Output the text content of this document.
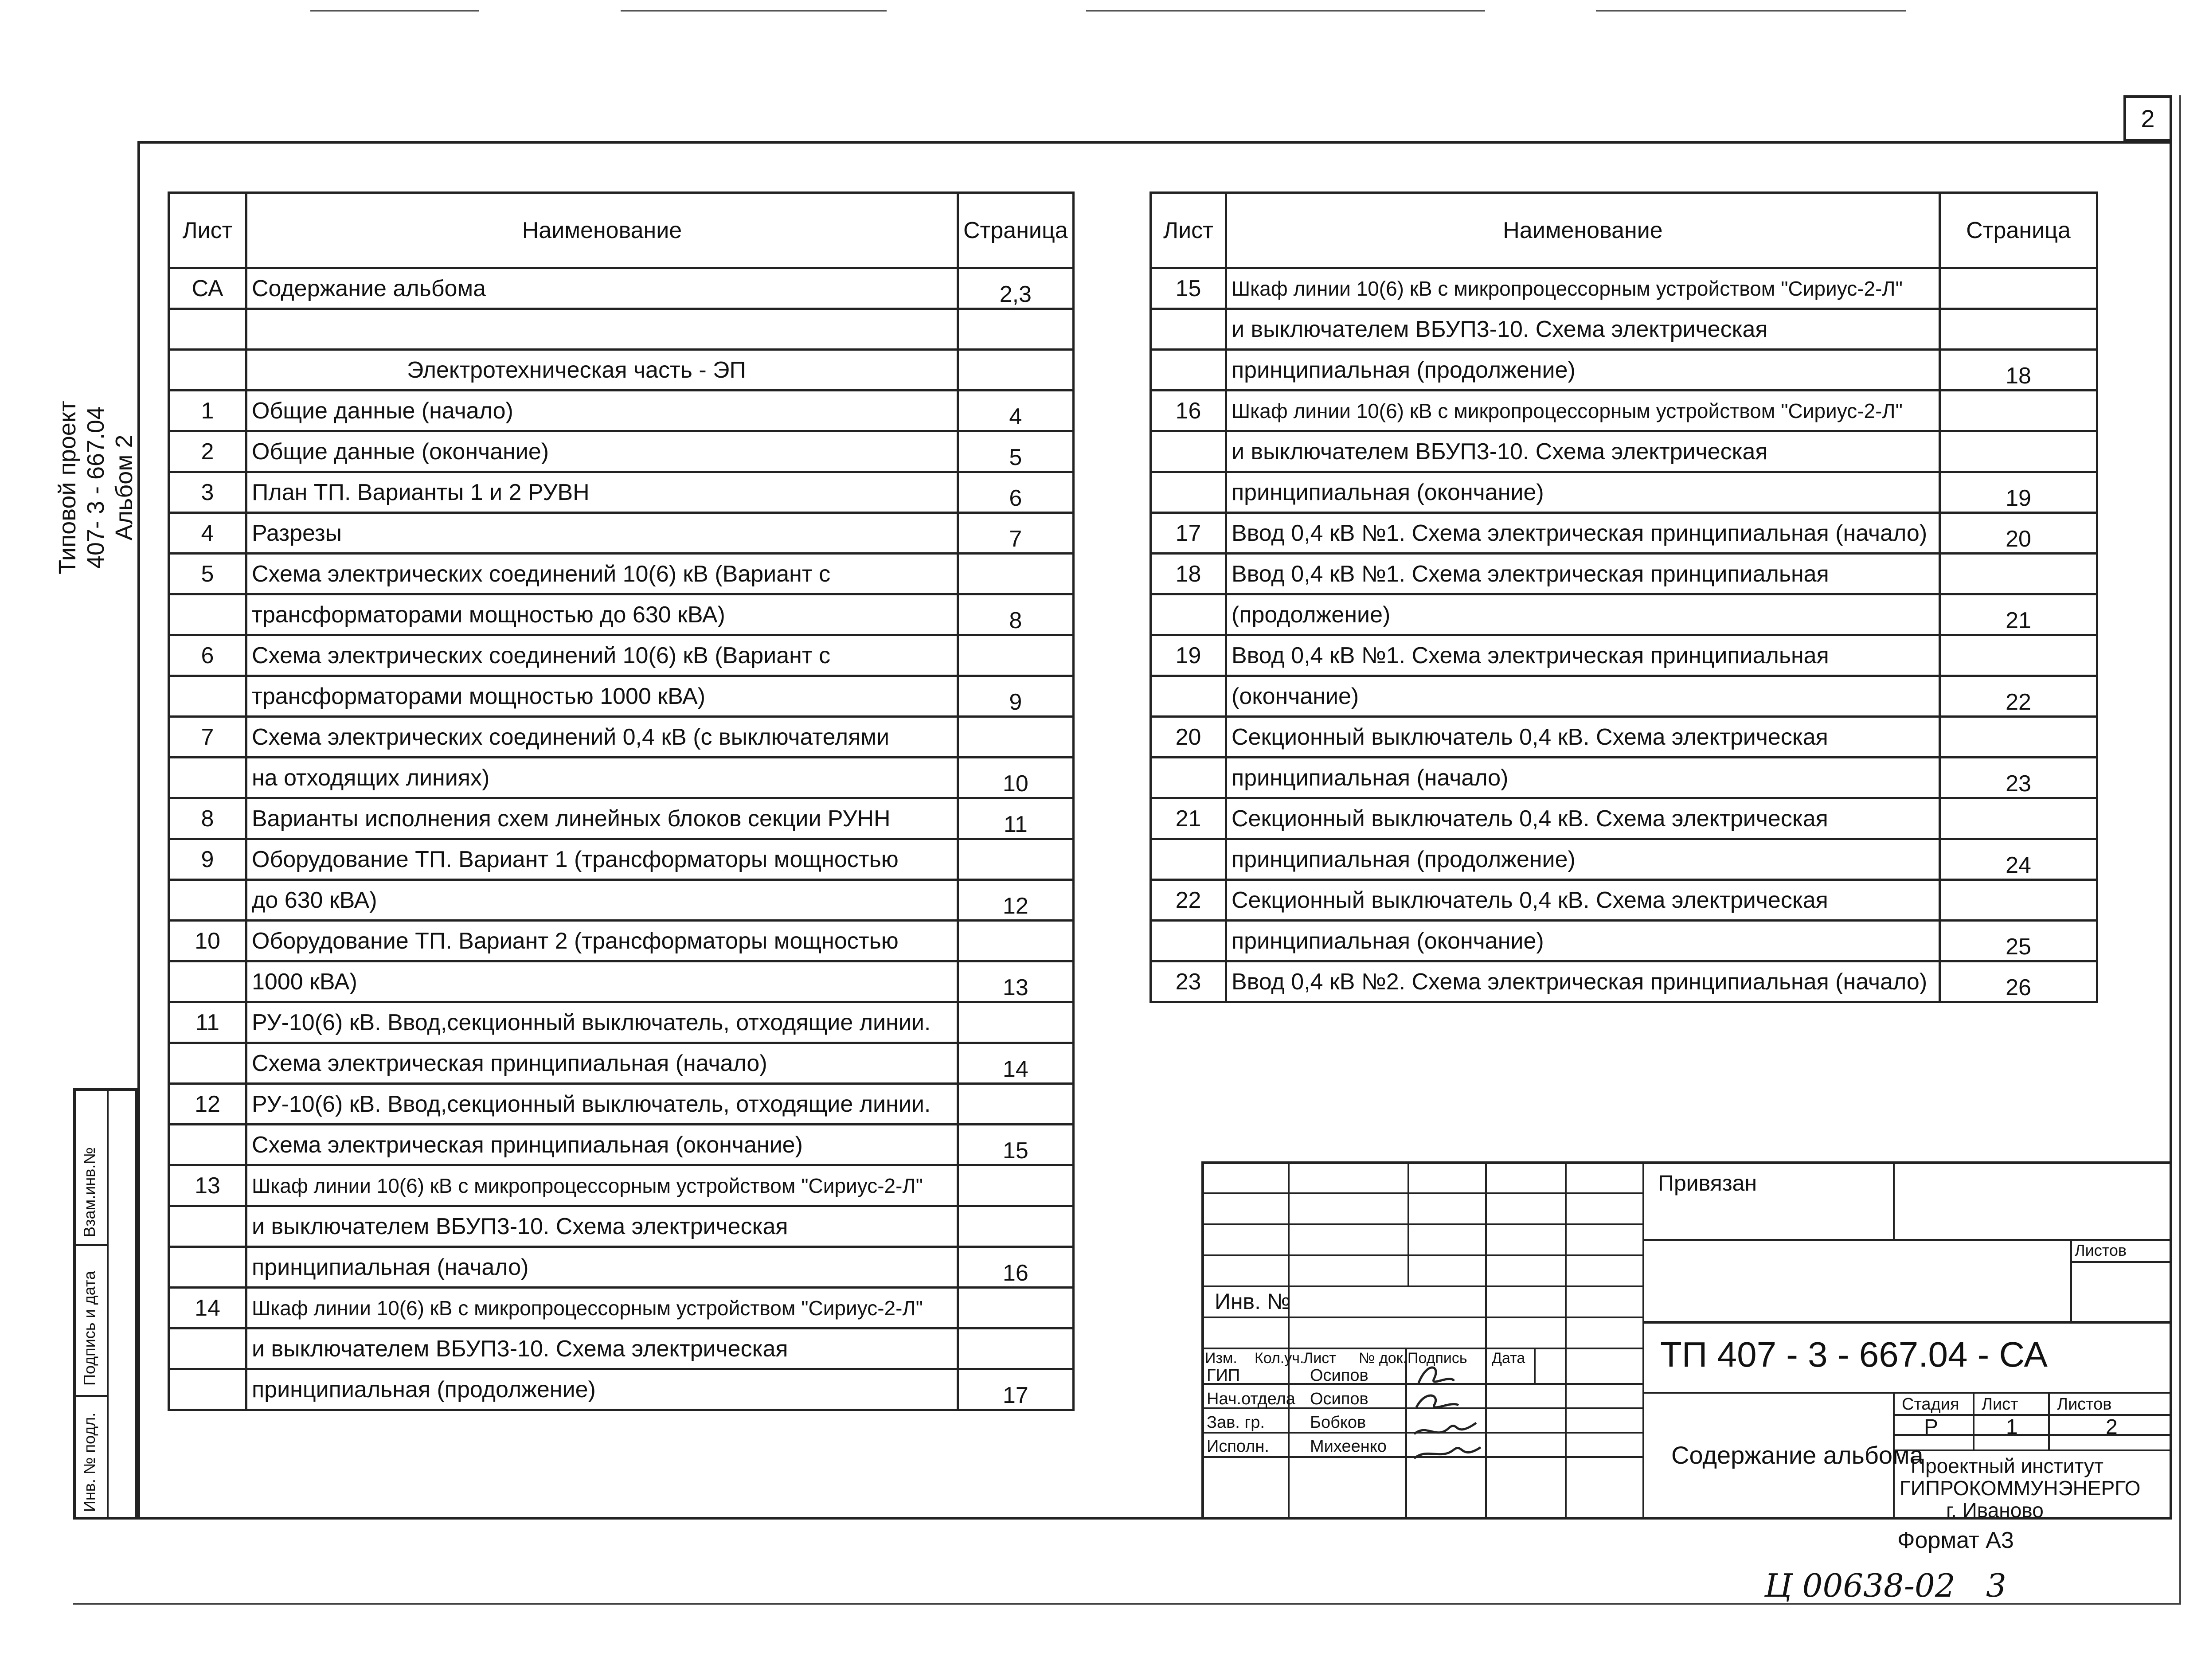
2
Типовой проект 407- 3 - 667.04 Альбом 2
Взам.инв.№
Подпись и дата
Инв. № подл.
Лист	Наименование	Страница
СА	Содержание альбома	2,3

	Электротехническая часть - ЭП	
1	Общие данные (начало)	4
2	Общие данные (окончание)	5
3	План ТП. Варианты 1 и 2 РУВН	6
4	Разрезы	7
5	Схема электрических соединений 10(6) кВ (Вариант с	
	трансформаторами мощностью до 630 кВА)	8
6	Схема электрических соединений 10(6) кВ (Вариант с	
	трансформаторами мощностью 1000 кВА)	9
7	Схема электрических соединений 0,4 кВ (с выключателями	
	на отходящих линиях)	10
8	Варианты исполнения схем линейных блоков секции РУНН	11
9	Оборудование ТП. Вариант 1 (трансформаторы мощностью	
	до 630 кВА)	12
10	Оборудование ТП. Вариант 2 (трансформаторы мощностью	
	1000 кВА)	13
11	РУ-10(6) кВ. Ввод,секционный выключатель, отходящие линии.	
	Схема электрическая принципиальная (начало)	14
12	РУ-10(6) кВ. Ввод,секционный выключатель, отходящие линии.	
	Схема электрическая принципиальная (окончание)	15
13	Шкаф линии 10(6) кВ с микропроцессорным устройством "Сириус-2-Л"	
	и выключателем ВБУП3-10. Схема электрическая	
	принципиальная (начало)	16
14	Шкаф линии 10(6) кВ с микропроцессорным устройством "Сириус-2-Л"	
	и выключателем ВБУП3-10. Схема электрическая	
	принципиальная (продолжение)	17
Лист	Наименование	Страница
15	Шкаф линии 10(6) кВ с микропроцессорным устройством "Сириус-2-Л"	
	и выключателем ВБУП3-10. Схема электрическая	
	принципиальная (продолжение)	18
16	Шкаф линии 10(6) кВ с микропроцессорным устройством "Сириус-2-Л"	
	и выключателем ВБУП3-10. Схема электрическая	
	принципиальная (окончание)	19
17	Ввод 0,4 кВ №1. Схема электрическая принципиальная (начало)	20
18	Ввод 0,4 кВ №1. Схема электрическая принципиальная	
	(продолжение)	21
19	Ввод 0,4 кВ №1. Схема электрическая принципиальная	
	(окончание)	22
20	Секционный выключатель 0,4 кВ. Схема электрическая	
	принципиальная (начало)	23
21	Секционный выключатель 0,4 кВ. Схема электрическая	
	принципиальная (продолжение)	24
22	Секционный выключатель 0,4 кВ. Схема электрическая	
	принципиальная (окончание)	25
23	Ввод 0,4 кВ №2. Схема электрическая принципиальная (начало)	26
Привязан
Листов
Инв. №
Изм. Кол.уч.
Лист № док. Подпись Дата
ГИП	Осипов
Нач.отдела Осипов
Зав. гр.	Бобков
Исполн. Михеенко
ТП 407 - 3 - 667.04 - СА
Содержание альбома
Стадия Лист Листов
Р	1	2
Проектный институт
ГИПРОКОММУНЭНЕРГО
г. Иваново
Формат А3
Ц 00638-02 3
